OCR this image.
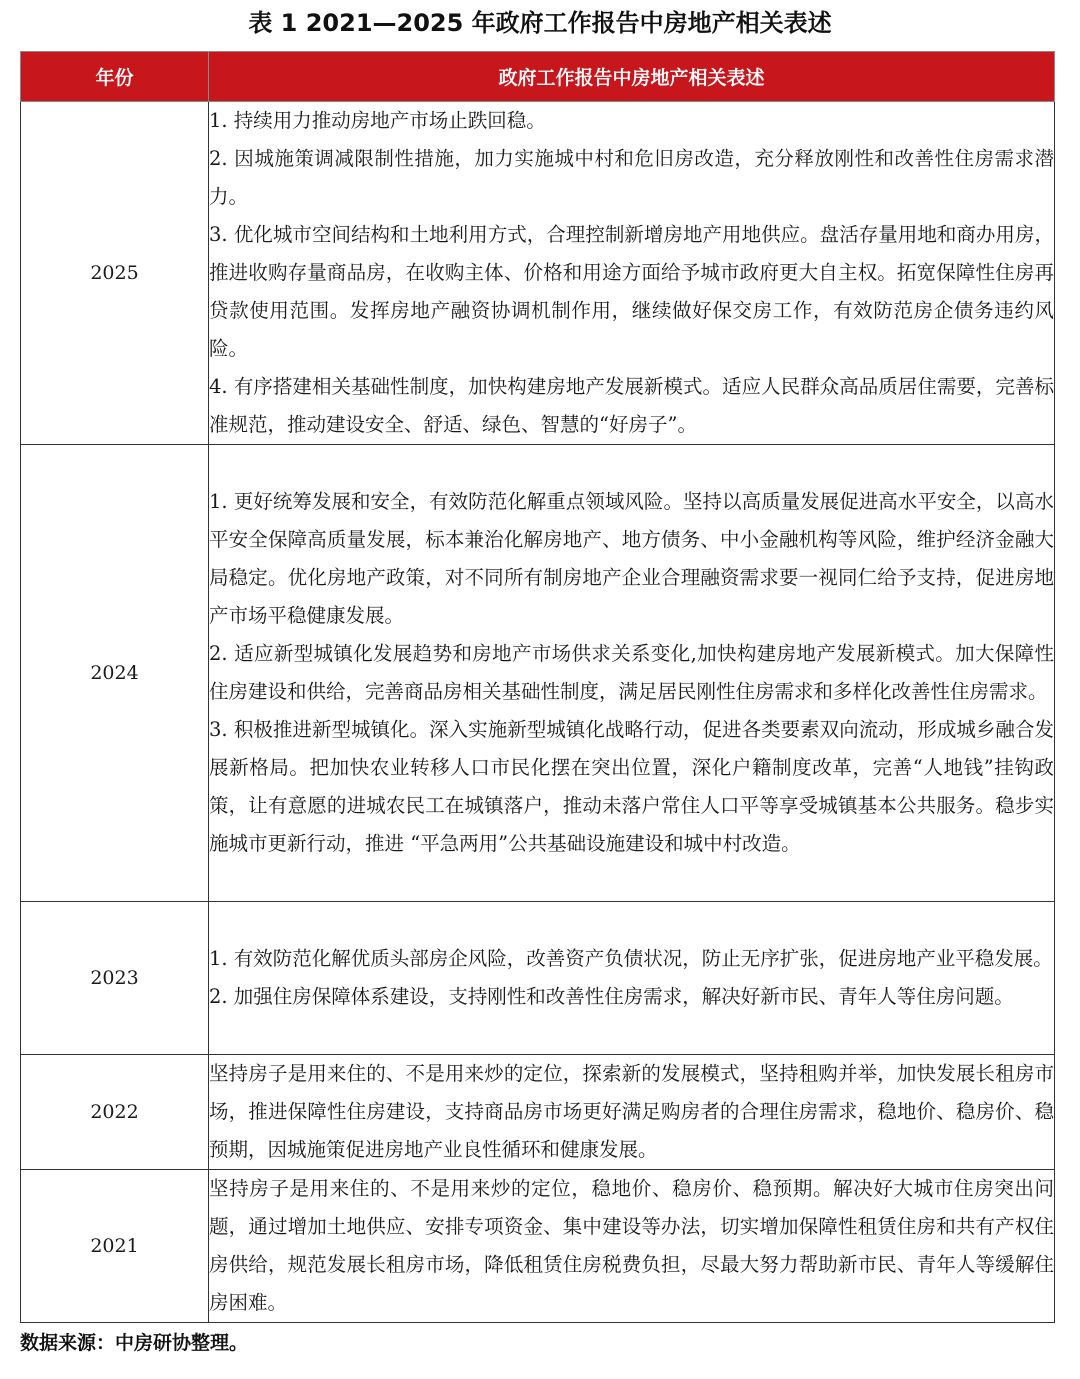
表 1 2021—2025 年政府工作报告中房地产相关表述
年份	政府工作报告中房地产相关表述
2025	1. 持续用力推动房地产市场止跌回稳。

2. 因城施策调减限制性措施，加力实施城中村和危旧房改造，充分释放刚性和改善性住房需求潜力。

3. 优化城市空间结构和土地利用方式，合理控制新增房地产用地供应。盘活存量用地和商办用房，推进收购存量商品房，在收购主体、价格和用途方面给予城市政府更大自主权。拓宽保障性住房再贷款使用范围。发挥房地产融资协调机制作用，继续做好保交房工作，有效防范房企债务违约风险。

4. 有序搭建相关基础性制度，加快构建房地产发展新模式。适应人民群众高品质居住需要，完善标准规范，推动建设安全、舒适、绿色、智慧的“好房子”。

2024	1. 更好统筹发展和安全，有效防范化解重点领域风险。坚持以高质量发展促进高水平安全，以高水平安全保障高质量发展，标本兼治化解房地产、地方债务、中小金融机构等风险，维护经济金融大局稳定。优化房地产政策，对不同所有制房地产企业合理融资需求要一视同仁给予支持，促进房地产市场平稳健康发展。

2. 适应新型城镇化发展趋势和房地产市场供求关系变化,加快构建房地产发展新模式。加大保障性住房建设和供给，完善商品房相关基础性制度，满足居民刚性住房需求和多样化改善性住房需求。

3. 积极推进新型城镇化。深入实施新型城镇化战略行动，促进各类要素双向流动，形成城乡融合发展新格局。把加快农业转移人口市民化摆在突出位置，深化户籍制度改革，完善“人地钱”挂钩政策，让有意愿的进城农民工在城镇落户，推动未落户常住人口平等享受城镇基本公共服务。稳步实施城市更新行动，推进 “平急两用”公共基础设施建设和城中村改造。

2023	1. 有效防范化解优质头部房企风险，改善资产负债状况，防止无序扩张，促进房地产业平稳发展。

2. 加强住房保障体系建设，支持刚性和改善性住房需求，解决好新市民、青年人等住房问题。

2022	坚持房子是用来住的、不是用来炒的定位，探索新的发展模式，坚持租购并举，加快发展长租房市场，推进保障性住房建设，支持商品房市场更好满足购房者的合理住房需求，稳地价、稳房价、稳预期，因城施策促进房地产业良性循环和健康发展。

2021	坚持房子是用来住的、不是用来炒的定位，稳地价、稳房价、稳预期。解决好大城市住房突出问题，通过增加土地供应、安排专项资金、集中建设等办法，切实增加保障性租赁住房和共有产权住房供给，规范发展长租房市场，降低租赁住房税费负担，尽最大努力帮助新市民、青年人等缓解住房困难。

数据来源：中房研协整理。
